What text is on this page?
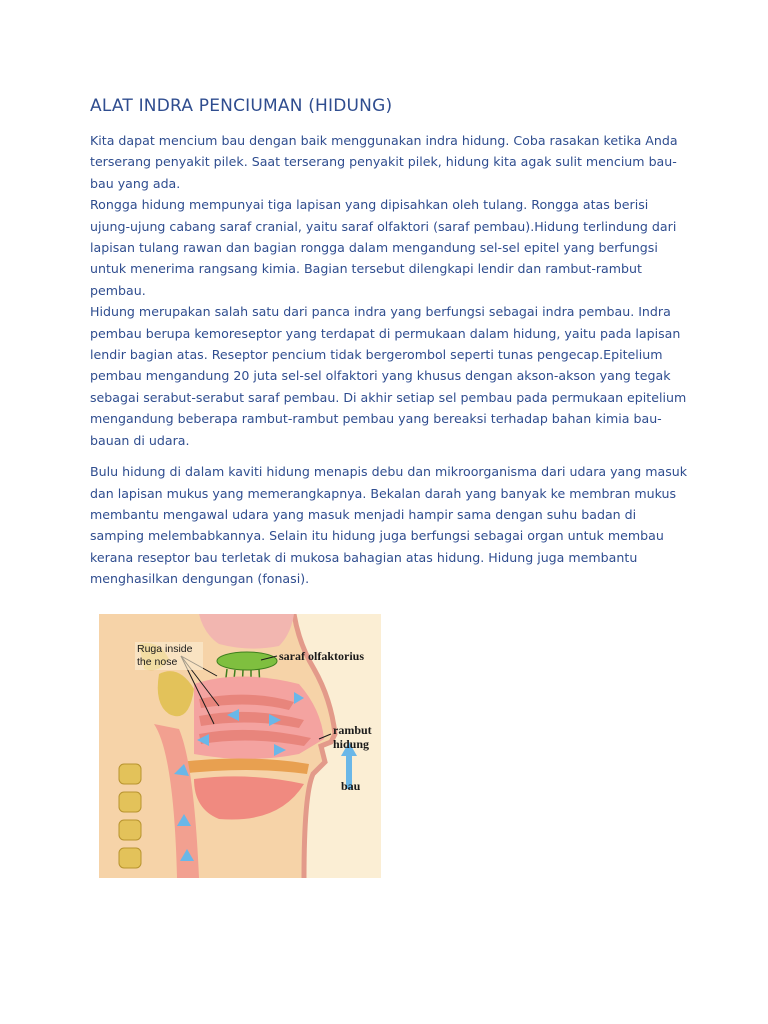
ALAT INDRA PENCIUMAN (HIDUNG)

Kita dapat mencium bau dengan baik menggunakan indra hidung. Coba rasakan ketika Anda terserang penyakit pilek. Saat terserang penyakit pilek, hidung kita agak sulit mencium bau-bau yang ada.

Rongga hidung mempunyai tiga lapisan yang dipisahkan oleh tulang. Rongga atas berisi ujung-ujung cabang saraf cranial, yaitu saraf olfaktori (saraf pembau).Hidung terlindung dari lapisan tulang rawan dan bagian rongga dalam mengandung sel-sel epitel yang berfungsi untuk menerima rangsang kimia. Bagian tersebut dilengkapi lendir dan rambut-rambut pembau.

Hidung merupakan salah satu dari panca indra yang berfungsi sebagai indra pembau. Indra pembau berupa kemoreseptor yang terdapat di permukaan dalam hidung, yaitu pada lapisan lendir bagian atas. Reseptor pencium tidak bergerombol seperti tunas pengecap.Epitelium pembau mengandung 20 juta sel-sel olfaktori yang khusus dengan akson-akson yang tegak sebagai serabut-serabut saraf pembau. Di akhir setiap sel pembau pada permukaan epitelium mengandung beberapa rambut-rambut pembau yang bereaksi terhadap bahan kimia bau-bauan di udara.

Bulu hidung di dalam kaviti hidung menapis debu dan mikroorganisma dari udara yang masuk dan lapisan mukus yang memerangkapnya. Bekalan darah yang banyak ke membran mukus membantu mengawal udara yang masuk menjadi hampir sama dengan suhu badan di samping melembabkannya. Selain itu hidung juga berfungsi sebagai organ untuk membau kerana reseptor bau terletak di mukosa bahagian atas hidung. Hidung juga membantu menghasilkan dengungan (fonasi).

Ruga inside
the nose	saraf olfaktorius
rambut
hidung
bau
